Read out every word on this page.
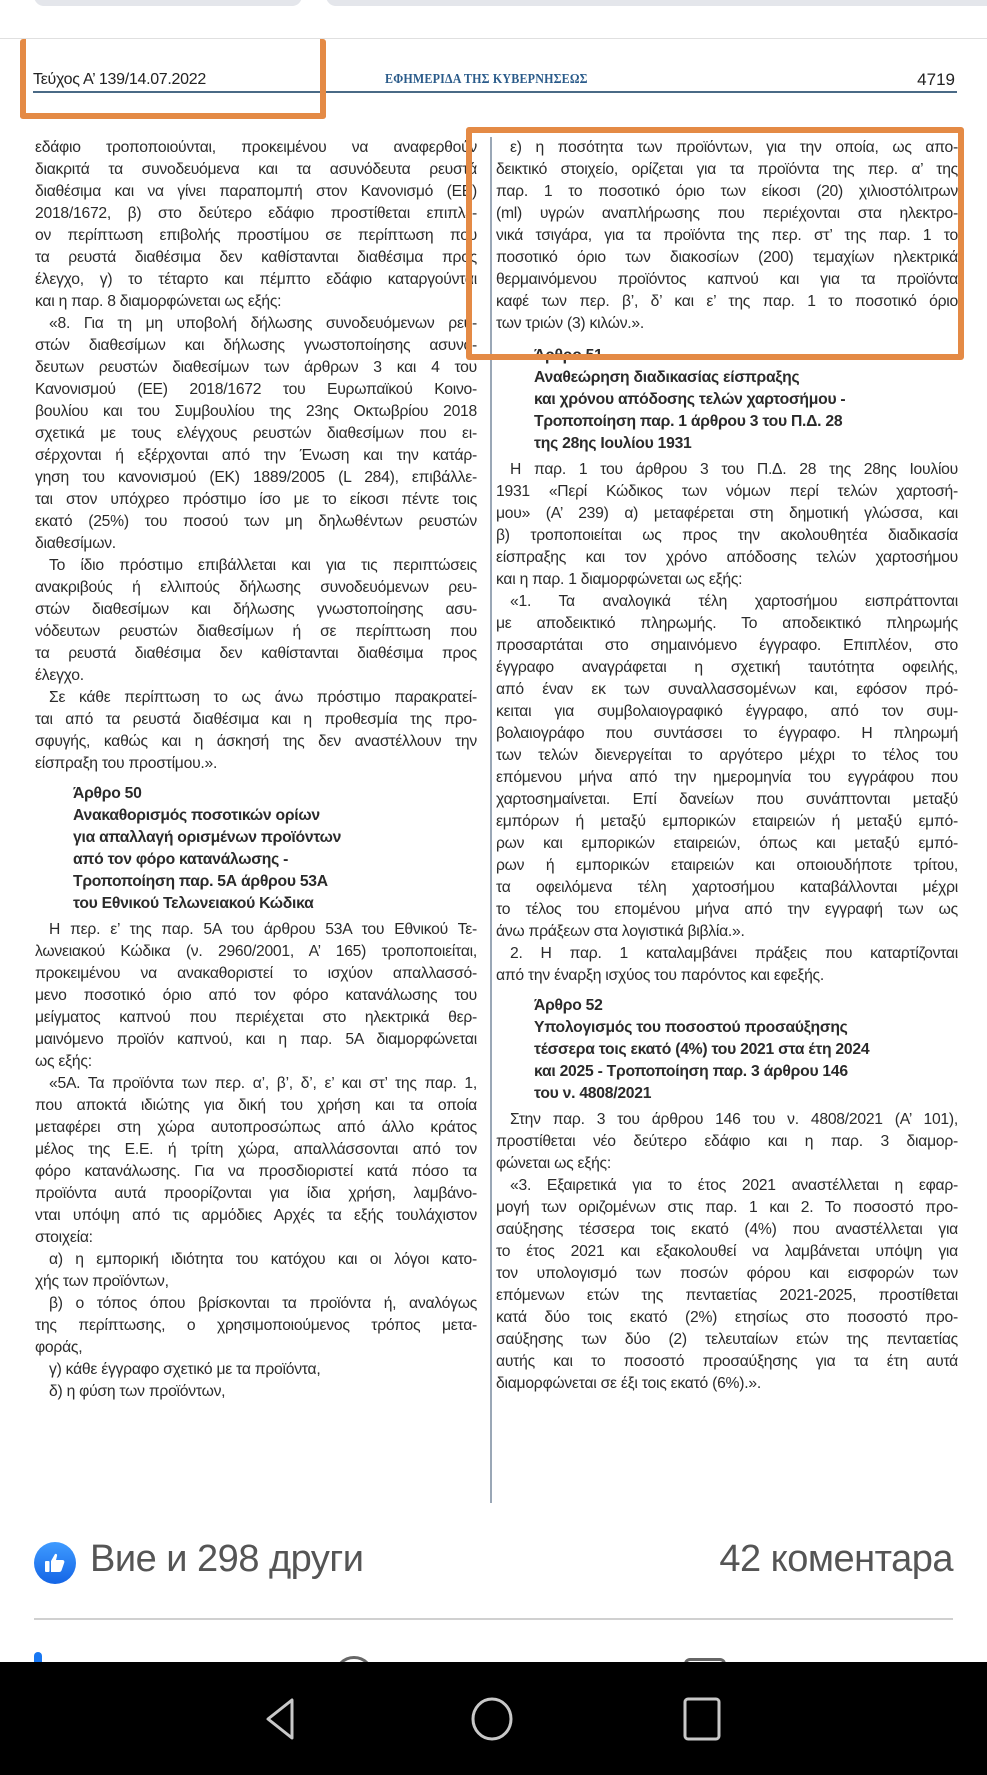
Τεύχος Α’ 139/14.07.2022	ΕΦΗΜΕΡΙΔΑ ΤΗΣ ΚΥΒΕΡΝΗΣΕΩΣ	4719
εδάφιο τροποποιούνται, προκειμένου να αναφερθούν
διακριτά τα συνοδευόμενα και τα ασυνόδευτα ρευστά
διαθέσιμα και να γίνει παραπομπή στον Κανονισμό (ΕΕ)
2018/1672, β) στο δεύτερο εδάφιο προστίθεται επιπλέ-
ον περίπτωση επιβολής προστίμου σε περίπτωση που
τα ρευστά διαθέσιμα δεν καθίστανται διαθέσιμα προς
έλεγχο, γ) το τέταρτο και πέμπτο εδάφιο καταργούνται
και η παρ. 8 διαμορφώνεται ως εξής:
«8. Για τη μη υποβολή δήλωσης συνοδευόμενων ρευ-
στών διαθεσίμων και δήλωσης γνωστοποίησης ασυνό-
δευτων ρευστών διαθεσίμων των άρθρων 3 και 4 του
Κανονισμού (ΕΕ) 2018/1672 του Ευρωπαϊκού Κοινο-
βουλίου και του Συμβουλίου της 23ης Οκτωβρίου 2018
σχετικά με τους ελέγχους ρευστών διαθεσίμων που ει-
σέρχονται ή εξέρχονται από την Ένωση και την κατάρ-
γηση του κανονισμού (ΕΚ) 1889/2005 (L 284), επιβάλλε-
ται στον υπόχρεο πρόστιμο ίσο με το είκοσι πέντε τοις
εκατό (25%) του ποσού των μη δηλωθέντων ρευστών
διαθεσίμων.
Το ίδιο πρόστιμο επιβάλλεται και για τις περιπτώσεις
ανακριβούς ή ελλιπούς δήλωσης συνοδευόμενων ρευ-
στών διαθεσίμων και δήλωσης γνωστοποίησης ασυ-
νόδευτων ρευστών διαθεσίμων ή σε περίπτωση που
τα ρευστά διαθέσιμα δεν καθίστανται διαθέσιμα προς
έλεγχο.
Σε κάθε περίπτωση το ως άνω πρόστιμο παρακρατεί-
ται από τα ρευστά διαθέσιμα και η προθεσμία της προ-
σφυγής, καθώς και η άσκησή της δεν αναστέλλουν την
είσπραξη του προστίμου.».
Άρθρο 50
Ανακαθορισμός ποσοτικών ορίων
για απαλλαγή ορισμένων προϊόντων
από τον φόρο κατανάλωσης -
Τροποποίηση παρ. 5Α άρθρου 53Α
του Εθνικού Τελωνειακού Κώδικα
Η περ. ε’ της παρ. 5Α του άρθρου 53Α του Εθνικού Τε-
λωνειακού Κώδικα (ν. 2960/2001, Α’ 165) τροποποιείται,
προκειμένου να ανακαθοριστεί το ισχύον απαλλασσό-
μενο ποσοτικό όριο από τον φόρο κατανάλωσης του
μείγματος καπνού που περιέχεται στο ηλεκτρικά θερ-
μαινόμενο προϊόν καπνού, και η παρ. 5Α διαμορφώνεται
ως εξής:
«5Α. Τα προϊόντα των περ. α’, β’, δ’, ε’ και στ’ της παρ. 1,
που αποκτά ιδιώτης για δική του χρήση και τα οποία
μεταφέρει στη χώρα αυτοπροσώπως από άλλο κράτος
μέλος της Ε.Ε. ή τρίτη χώρα, απαλλάσσονται από τον
φόρο κατανάλωσης. Για να προσδιοριστεί κατά πόσο τα
προϊόντα αυτά προορίζονται για ίδια χρήση, λαμβάνο-
νται υπόψη από τις αρμόδιες Αρχές τα εξής τουλάχιστον
στοιχεία:
α) η εμπορική ιδιότητα του κατόχου και οι λόγοι κατο-
χής των προϊόντων,
β) ο τόπος όπου βρίσκονται τα προϊόντα ή, αναλόγως
της περίπτωσης, ο χρησιμοποιούμενος τρόπος μετα-
φοράς,
γ) κάθε έγγραφο σχετικό με τα προϊόντα,
δ) η φύση των προϊόντων,
ε) η ποσότητα των προϊόντων, για την οποία, ως απο-
δεικτικό στοιχείο, ορίζεται για τα προϊόντα της περ. α’ της
παρ. 1 το ποσοτικό όριο των είκοσι (20) χιλιοστόλιτρων
(ml) υγρών αναπλήρωσης που περιέχονται στα ηλεκτρο-
νικά τσιγάρα, για τα προϊόντα της περ. στ’ της παρ. 1 το
ποσοτικό όριο των διακοσίων (200) τεμαχίων ηλεκτρικά
θερμαινόμενου προϊόντος καπνού και για τα προϊόντα
καφέ των περ. β’, δ’ και ε’ της παρ. 1 το ποσοτικό όριο
των τριών (3) κιλών.».
Άρθρο 51
Αναθεώρηση διαδικασίας είσπραξης
και χρόνου απόδοσης τελών χαρτοσήμου -
Τροποποίηση παρ. 1 άρθρου 3 του Π.Δ. 28
της 28ης Ιουλίου 1931
Η παρ. 1 του άρθρου 3 του Π.Δ. 28 της 28ης Ιουλίου
1931 «Περί Κώδικος των νόμων περί τελών χαρτοσή-
μου» (Α’ 239) α) μεταφέρεται στη δημοτική γλώσσα, και
β) τροποποιείται ως προς την ακολουθητέα διαδικασία
είσπραξης και τον χρόνο απόδοσης τελών χαρτοσήμου
και η παρ. 1 διαμορφώνεται ως εξής:
«1. Τα αναλογικά τέλη χαρτοσήμου εισπράττονται
με αποδεικτικό πληρωμής. Το αποδεικτικό πληρωμής
προσαρτάται στο σημαινόμενο έγγραφο. Επιπλέον, στο
έγγραφο αναγράφεται η σχετική ταυτότητα οφειλής,
από έναν εκ των συναλλασσομένων και, εφόσον πρό-
κειται για συμβολαιογραφικό έγγραφο, από τον συμ-
βολαιογράφο που συντάσσει το έγγραφο. Η πληρωμή
των τελών διενεργείται το αργότερο μέχρι το τέλος του
επόμενου μήνα από την ημερομηνία του εγγράφου που
χαρτοσημαίνεται. Επί δανείων που συνάπτονται μεταξύ
εμπόρων ή μεταξύ εμπορικών εταιρειών ή μεταξύ εμπό-
ρων και εμπορικών εταιρειών, όπως και μεταξύ εμπό-
ρων ή εμπορικών εταιρειών και οποιουδήποτε τρίτου,
τα οφειλόμενα τέλη χαρτοσήμου καταβάλλονται μέχρι
το τέλος του επομένου μήνα από την εγγραφή των ως
άνω πράξεων στα λογιστικά βιβλία.».
2. Η παρ. 1 καταλαμβάνει πράξεις που καταρτίζονται
από την έναρξη ισχύος του παρόντος και εφεξής.
Άρθρο 52
Υπολογισμός του ποσοστού προσαύξησης
τέσσερα τοις εκατό (4%) του 2021 στα έτη 2024
και 2025 - Τροποποίηση παρ. 3 άρθρου 146
του ν. 4808/2021
Στην παρ. 3 του άρθρου 146 του ν. 4808/2021 (Α’ 101),
προστίθεται νέο δεύτερο εδάφιο και η παρ. 3 διαμορ-
φώνεται ως εξής:
«3. Εξαιρετικά για το έτος 2021 αναστέλλεται η εφαρ-
μογή των οριζομένων στις παρ. 1 και 2. Το ποσοστό προ-
σαύξησης τέσσερα τοις εκατό (4%) που αναστέλλεται για
το έτος 2021 και εξακολουθεί να λαμβάνεται υπόψη για
τον υπολογισμό των ποσών φόρου και εισφορών των
επόμενων ετών της πενταετίας 2021-2025, προστίθεται
κατά δύο τοις εκατό (2%) ετησίως στο ποσοστό προ-
σαύξησης των δύο (2) τελευταίων ετών της πενταετίας
αυτής και το ποσοστό προσαύξησης για τα έτη αυτά
διαμορφώνεται σε έξι τοις εκατό (6%).».
Вие и 298 други	42 коментара
